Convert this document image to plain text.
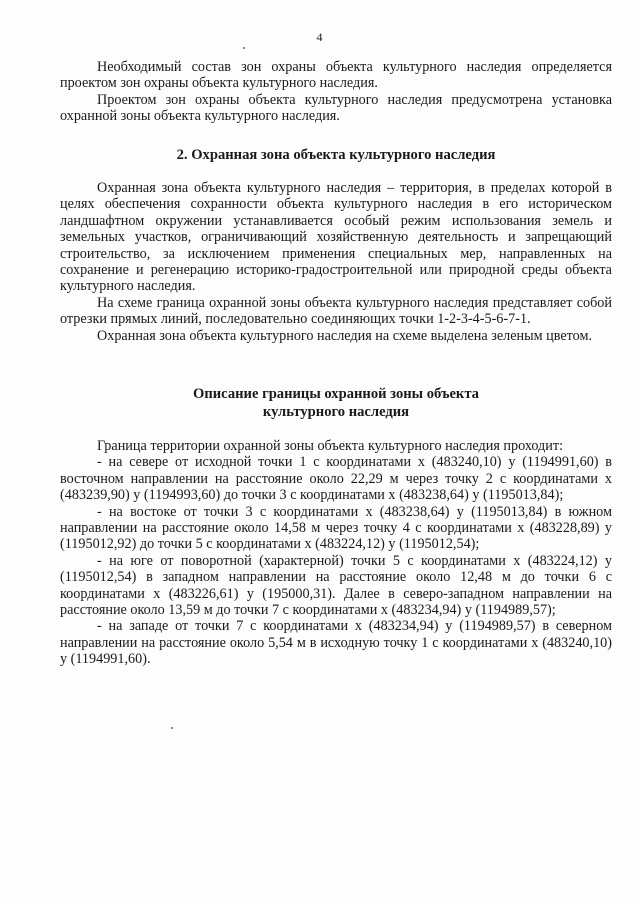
4

Необходимый состав зон охраны объекта культурного наследия определяется проектом зон охраны объекта культурного наследия.

Проектом зон охраны объекта культурного наследия предусмотрена установка охранной зоны объекта культурного наследия.

2. Охранная зона объекта культурного наследия

Охранная зона объекта культурного наследия – территория, в пределах которой в целях обеспечения сохранности объекта культурного наследия в его историческом ландшафтном окружении устанавливается особый режим использования земель и земельных участков, ограничивающий хозяйственную деятельность и запрещающий строительство, за исключением применения специальных мер, направленных на сохранение и регенерацию историко-градостроительной или природной среды объекта культурного наследия.

На схеме граница охранной зоны объекта культурного наследия представляет собой отрезки прямых линий, последовательно соединяющих точки 1-2-3-4-5-6-7-1.

Охранная зона объекта культурного наследия на схеме выделена зеленым цветом.

Описание границы охранной зоны объекта
культурного наследия

Граница территории охранной зоны объекта культурного наследия проходит:

- на севере от исходной точки 1 с координатами х (483240,10) у (1194991,60) в восточном направлении на расстояние около 22,29 м через точку 2 с координатами х (483239,90) у (1194993,60) до точки 3 с координатами х (483238,64) у (1195013,84);

- на востоке от точки 3 с координатами х (483238,64) у (1195013,84) в южном направлении на расстояние около 14,58 м через точку 4 с координатами х (483228,89) у (1195012,92) до точки 5 с координатами х (483224,12) у (1195012,54);

- на юге от поворотной (характерной) точки 5 с координатами х (483224,12) у (1195012,54) в западном направлении на расстояние около 12,48 м до точки 6 с координатами х (483226,61) у (195000,31). Далее в северо-западном направлении на расстояние около 13,59 м до точки 7 с координатами х (483234,94) у (1194989,57);

- на западе от точки 7 с координатами х (483234,94) у (1194989,57) в северном направлении на расстояние около 5,54 м в исходную точку 1 с координатами х (483240,10) у (1194991,60).
